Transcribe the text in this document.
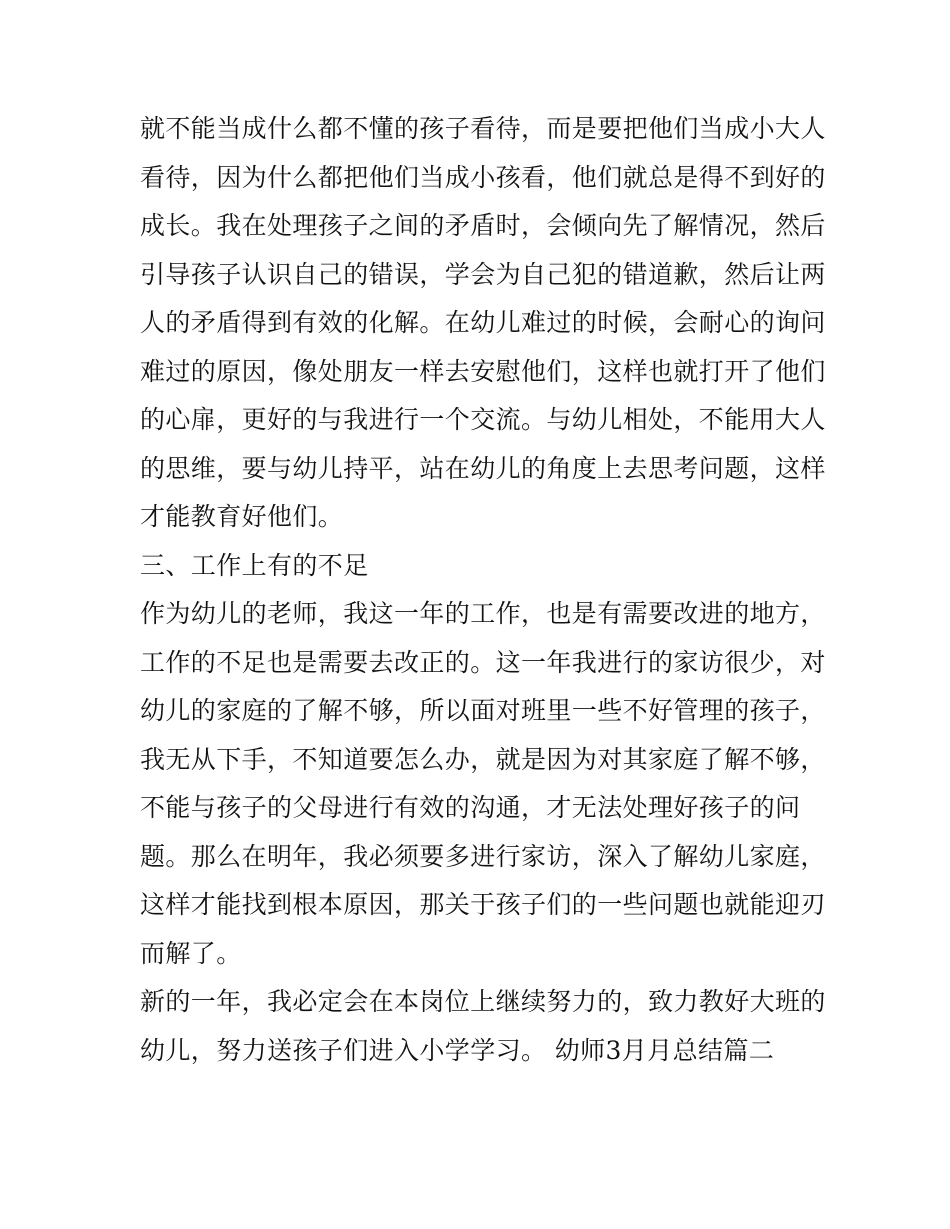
就不能当成什么都不懂的孩子看待，而是要把他们当成小大人
看待，因为什么都把他们当成小孩看，他们就总是得不到好的
成长。我在处理孩子之间的矛盾时，会倾向先了解情况，然后
引导孩子认识自己的错误，学会为自己犯的错道歉，然后让两
人的矛盾得到有效的化解。在幼儿难过的时候，会耐心的询问
难过的原因，像处朋友一样去安慰他们，这样也就打开了他们
的心扉，更好的与我进行一个交流。与幼儿相处，不能用大人
的思维，要与幼儿持平，站在幼儿的角度上去思考问题，这样
才能教育好他们。
三、工作上有的不足
作为幼儿的老师，我这一年的工作，也是有需要改进的地方，
工作的不足也是需要去改正的。这一年我进行的家访很少，对
幼儿的家庭的了解不够，所以面对班里一些不好管理的孩子，
我无从下手，不知道要怎么办，就是因为对其家庭了解不够，
不能与孩子的父母进行有效的沟通，才无法处理好孩子的问
题。那么在明年，我必须要多进行家访，深入了解幼儿家庭，
这样才能找到根本原因，那关于孩子们的一些问题也就能迎刃
而解了。
新的一年，我必定会在本岗位上继续努力的，致力教好大班的
幼儿，努力送孩子们进入小学学习。 幼师3月月总结篇二
